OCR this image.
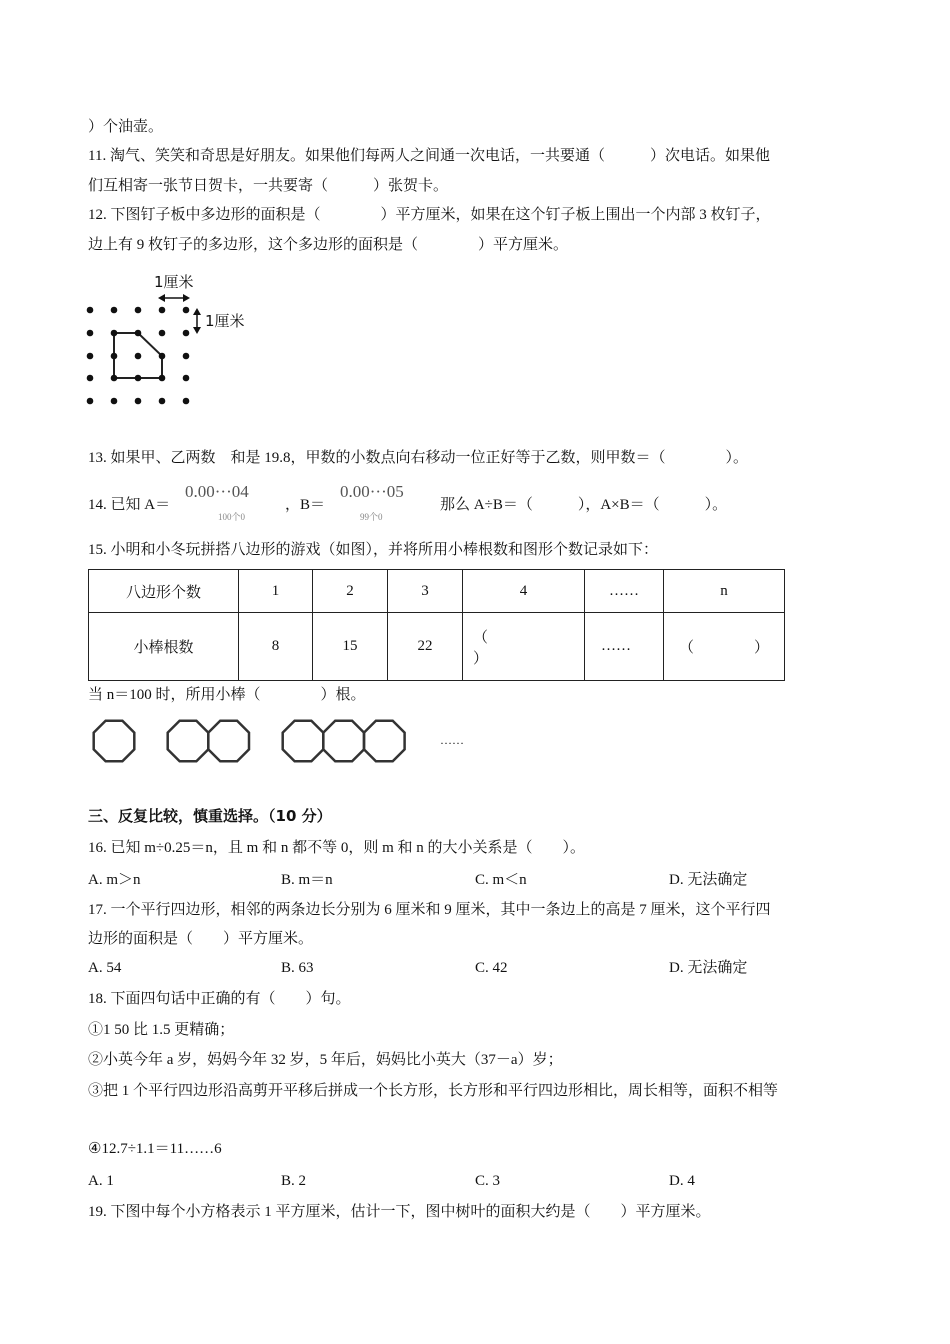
）个油壶。
11. 淘气、笑笑和奇思是好朋友。如果他们每两人之间通一次电话，一共要通（　　　）次电话。如果他
们互相寄一张节日贺卡，一共要寄（　　　）张贺卡。
12. 下图钉子板中多边形的面积是（　　　　）平方厘米，如果在这个钉子板上围出一个内部 3 枚钉子，
边上有 9 枚钉子的多边形，这个多边形的面积是（　　　　）平方厘米。
1厘米
1厘米
13. 如果甲、乙两数　和是 19.8，甲数的小数点向右移动一位正好等于乙数，则甲数＝（　　　　）。
14. 已知 A＝
0.00···04
100个0
，B＝
0.00···05
99个0
那么 A÷B＝（　　　），A×B＝（　　　）。
15. 小明和小冬玩拼搭八边形的游戏（如图），并将所用小棒根数和图形个数记录如下：
八边形个数	1	2	3	4	……	n
小棒根数	8	15	22	（
）	……	（　　　　）
当 n＝100 时，所用小棒（　　　　）根。
……
三、反复比较，慎重选择。（10 分）
16. 已知 m÷0.25＝n，且 m 和 n 都不等 0，则 m 和 n 的大小关系是（　　）。
A. m＞n	B. m＝n	C. m＜n	D. 无法确定
17. 一个平行四边形，相邻的两条边长分别为 6 厘米和 9 厘米，其中一条边上的高是 7 厘米，这个平行四
边形的面积是（　　）平方厘米。
A. 54	B. 63	C. 42	D. 无法确定
18. 下面四句话中正确的有（　　）句。
①1 50 比 1.5 更精确；
②小英今年 a 岁，妈妈今年 32 岁，5 年后，妈妈比小英大（37－a）岁；
③把 1 个平行四边形沿高剪开平移后拼成一个长方形，长方形和平行四边形相比，周长相等，面积不相等
④12.7÷1.1＝11……6
A. 1	B. 2	C. 3	D. 4
19. 下图中每个小方格表示 1 平方厘米，估计一下，图中树叶的面积大约是（　　）平方厘米。
